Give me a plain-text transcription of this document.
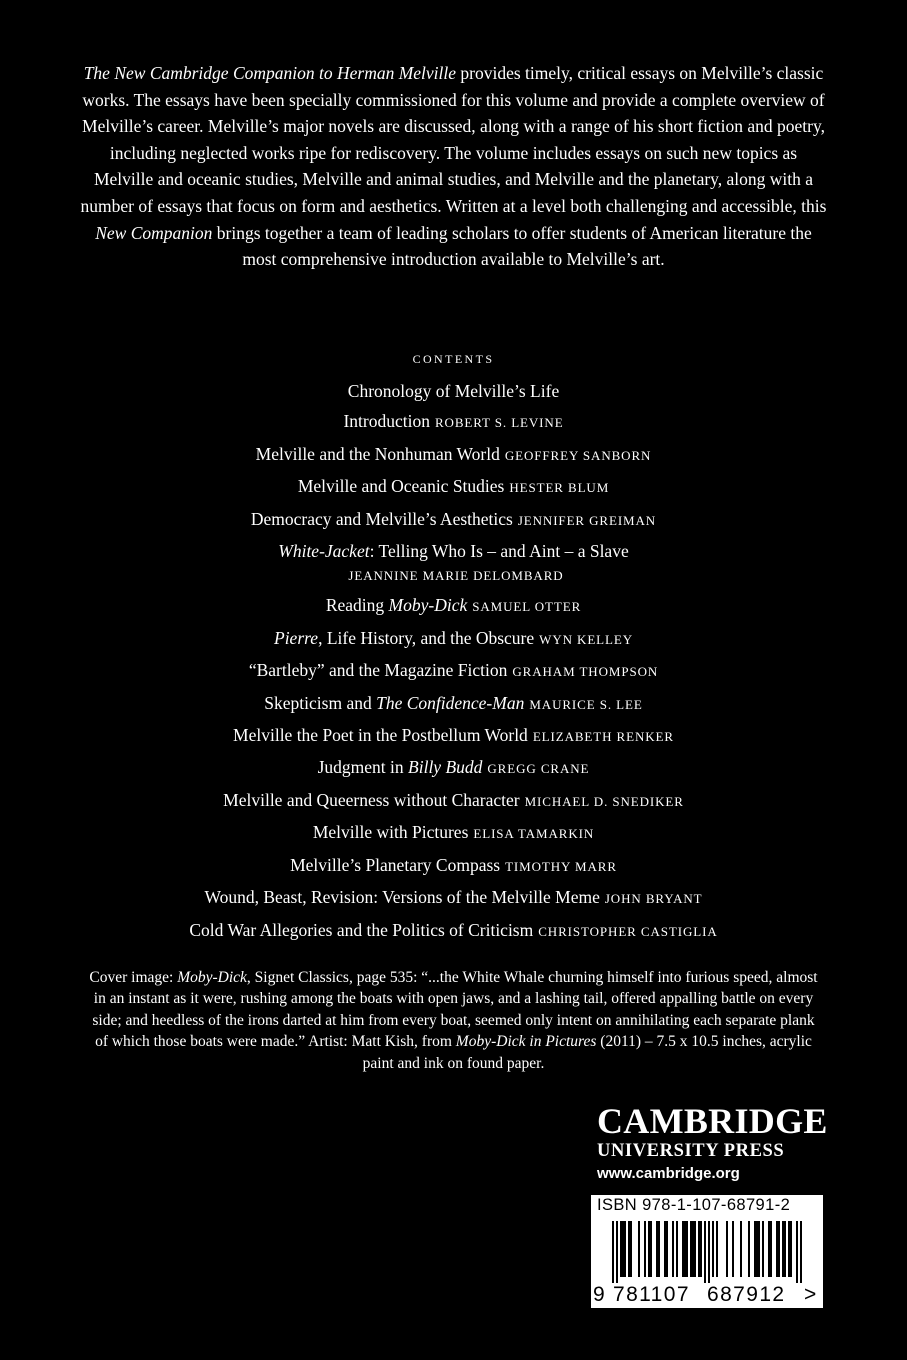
The New Cambridge Companion to Herman Melville provides timely, critical essays on Melville’s classic works. The essays have been specially commissioned for this volume and provide a complete overview of Melville’s career. Melville’s major novels are discussed, along with a range of his short fiction and poetry, including neglected works ripe for rediscovery. The volume includes essays on such new topics as Melville and oceanic studies, Melville and animal studies, and Melville and the planetary, along with a number of essays that focus on form and aesthetics. Written at a level both challenging and accessible, this New Companion brings together a team of leading scholars to offer students of American literature the most comprehensive introduction available to Melville’s art.
CONTENTS
Chronology of Melville’s Life
Introduction ROBERT S. LEVINE
Melville and the Nonhuman World GEOFFREY SANBORN
Melville and Oceanic Studies HESTER BLUM
Democracy and Melville’s Aesthetics JENNIFER GREIMAN
White-Jacket: Telling Who Is – and Aint – a Slave
JEANNINE MARIE DELOMBARD
Reading Moby-Dick SAMUEL OTTER
Pierre, Life History, and the Obscure WYN KELLEY
“Bartleby” and the Magazine Fiction GRAHAM THOMPSON
Skepticism and The Confidence-Man MAURICE S. LEE
Melville the Poet in the Postbellum World ELIZABETH RENKER
Judgment in Billy Budd GREGG CRANE
Melville and Queerness without Character MICHAEL D. SNEDIKER
Melville with Pictures ELISA TAMARKIN
Melville’s Planetary Compass TIMOTHY MARR
Wound, Beast, Revision: Versions of the Melville Meme JOHN BRYANT
Cold War Allegories and the Politics of Criticism CHRISTOPHER CASTIGLIA
Cover image: Moby-Dick, Signet Classics, page 535: “...the White Whale churning himself into furious speed, almost in an instant as it were, rushing among the boats with open jaws, and a lashing tail, offered appalling battle on every side; and heedless of the irons darted at him from every boat, seemed only intent on annihilating each separate plank of which those boats were made.” Artist: Matt Kish, from Moby-Dick in Pictures (2011) – 7.5 x 10.5 inches, acrylic paint and ink on found paper.
CAMBRIDGE
UNIVERSITY PRESS
www.cambridge.org
ISBN 978-1-107-68791-2
9 781107 687912 >
